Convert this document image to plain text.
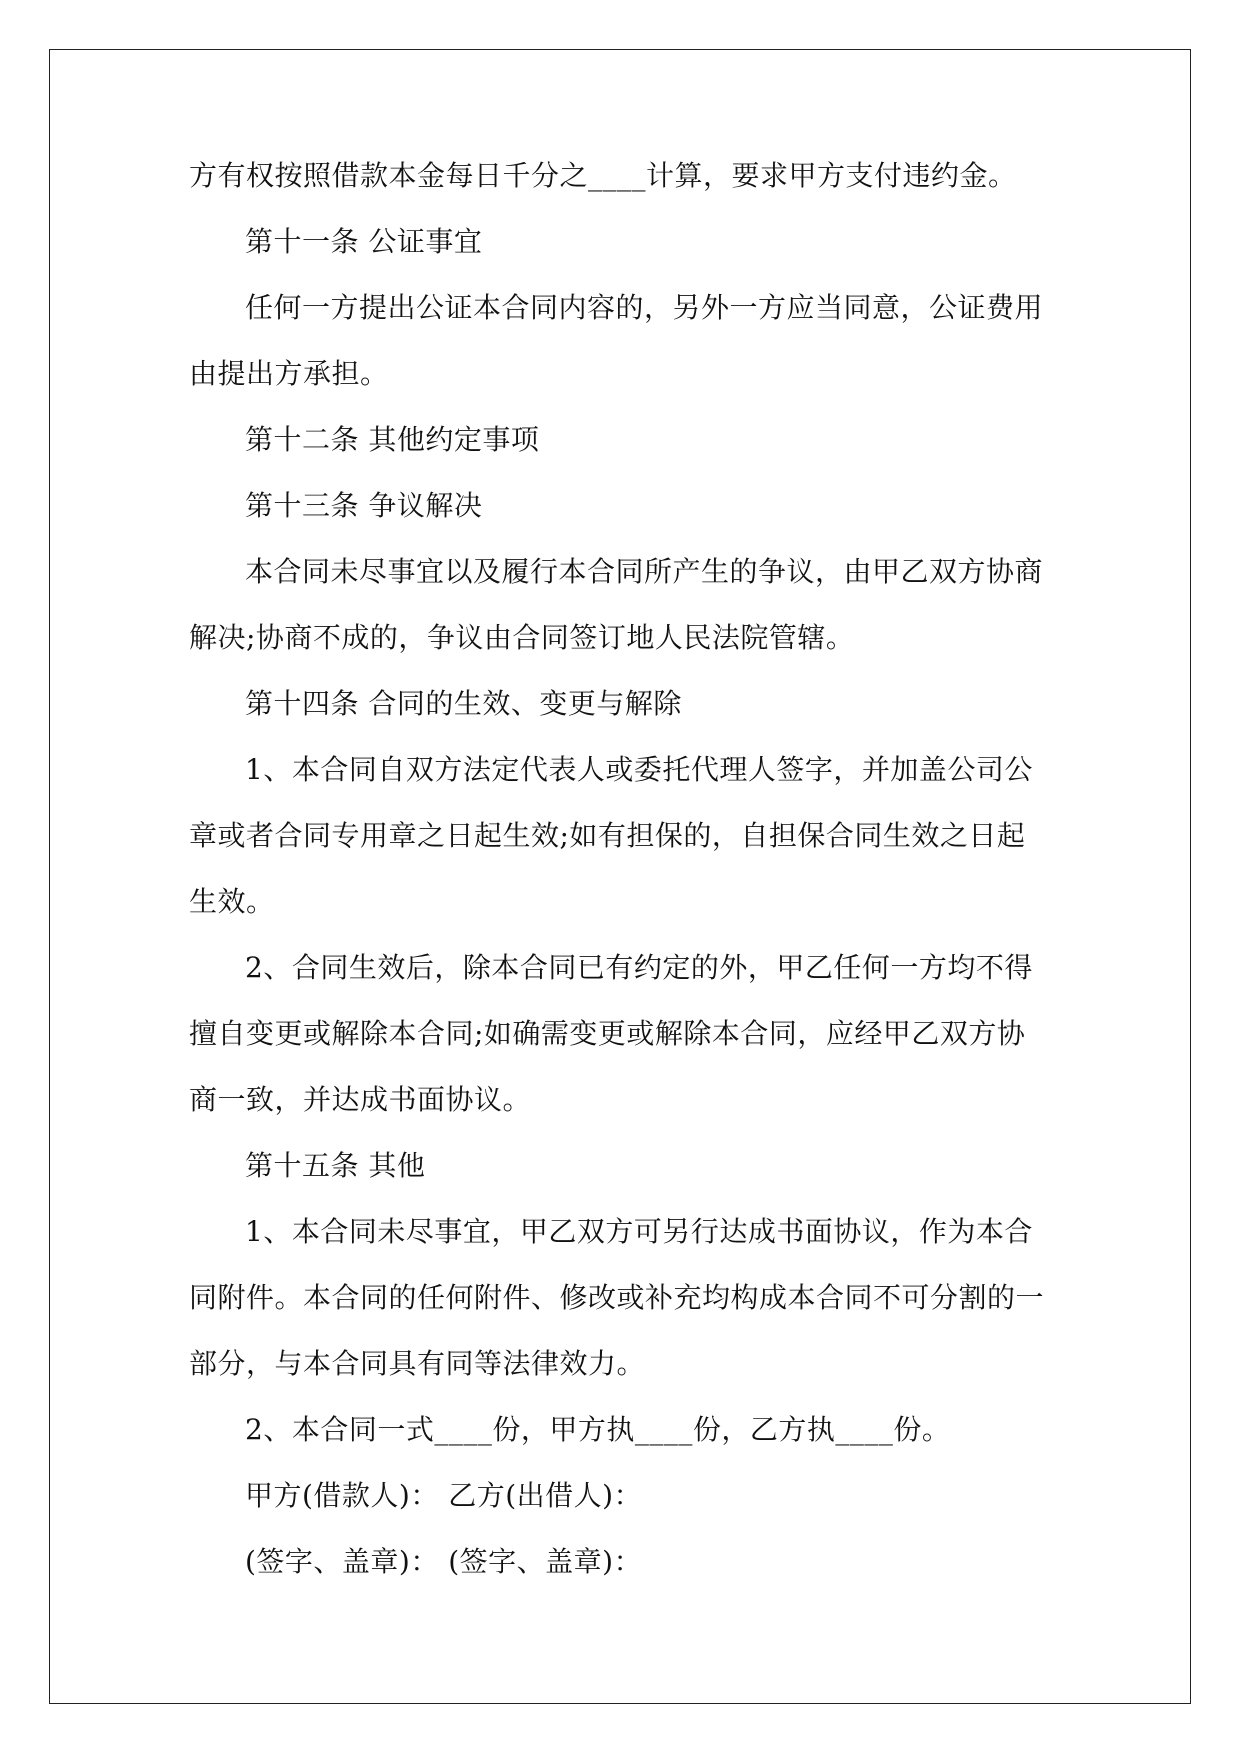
方有权按照借款本金每日千分之____计算，要求甲方支付违约金。
第十一条 公证事宜
任何一方提出公证本合同内容的，另外一方应当同意，公证费用
由提出方承担。
第十二条 其他约定事项
第十三条 争议解决
本合同未尽事宜以及履行本合同所产生的争议，由甲乙双方协商
解决;协商不成的，争议由合同签订地人民法院管辖。
第十四条 合同的生效、变更与解除
1、本合同自双方法定代表人或委托代理人签字，并加盖公司公
章或者合同专用章之日起生效;如有担保的，自担保合同生效之日起
生效。
2、合同生效后，除本合同已有约定的外，甲乙任何一方均不得
擅自变更或解除本合同;如确需变更或解除本合同，应经甲乙双方协
商一致，并达成书面协议。
第十五条 其他
1、本合同未尽事宜，甲乙双方可另行达成书面协议，作为本合
同附件。本合同的任何附件、修改或补充均构成本合同不可分割的一
部分，与本合同具有同等法律效力。
2、本合同一式____份，甲方执____份，乙方执____份。
甲方(借款人)： 乙方(出借人)：
(签字、盖章)： (签字、盖章)：
